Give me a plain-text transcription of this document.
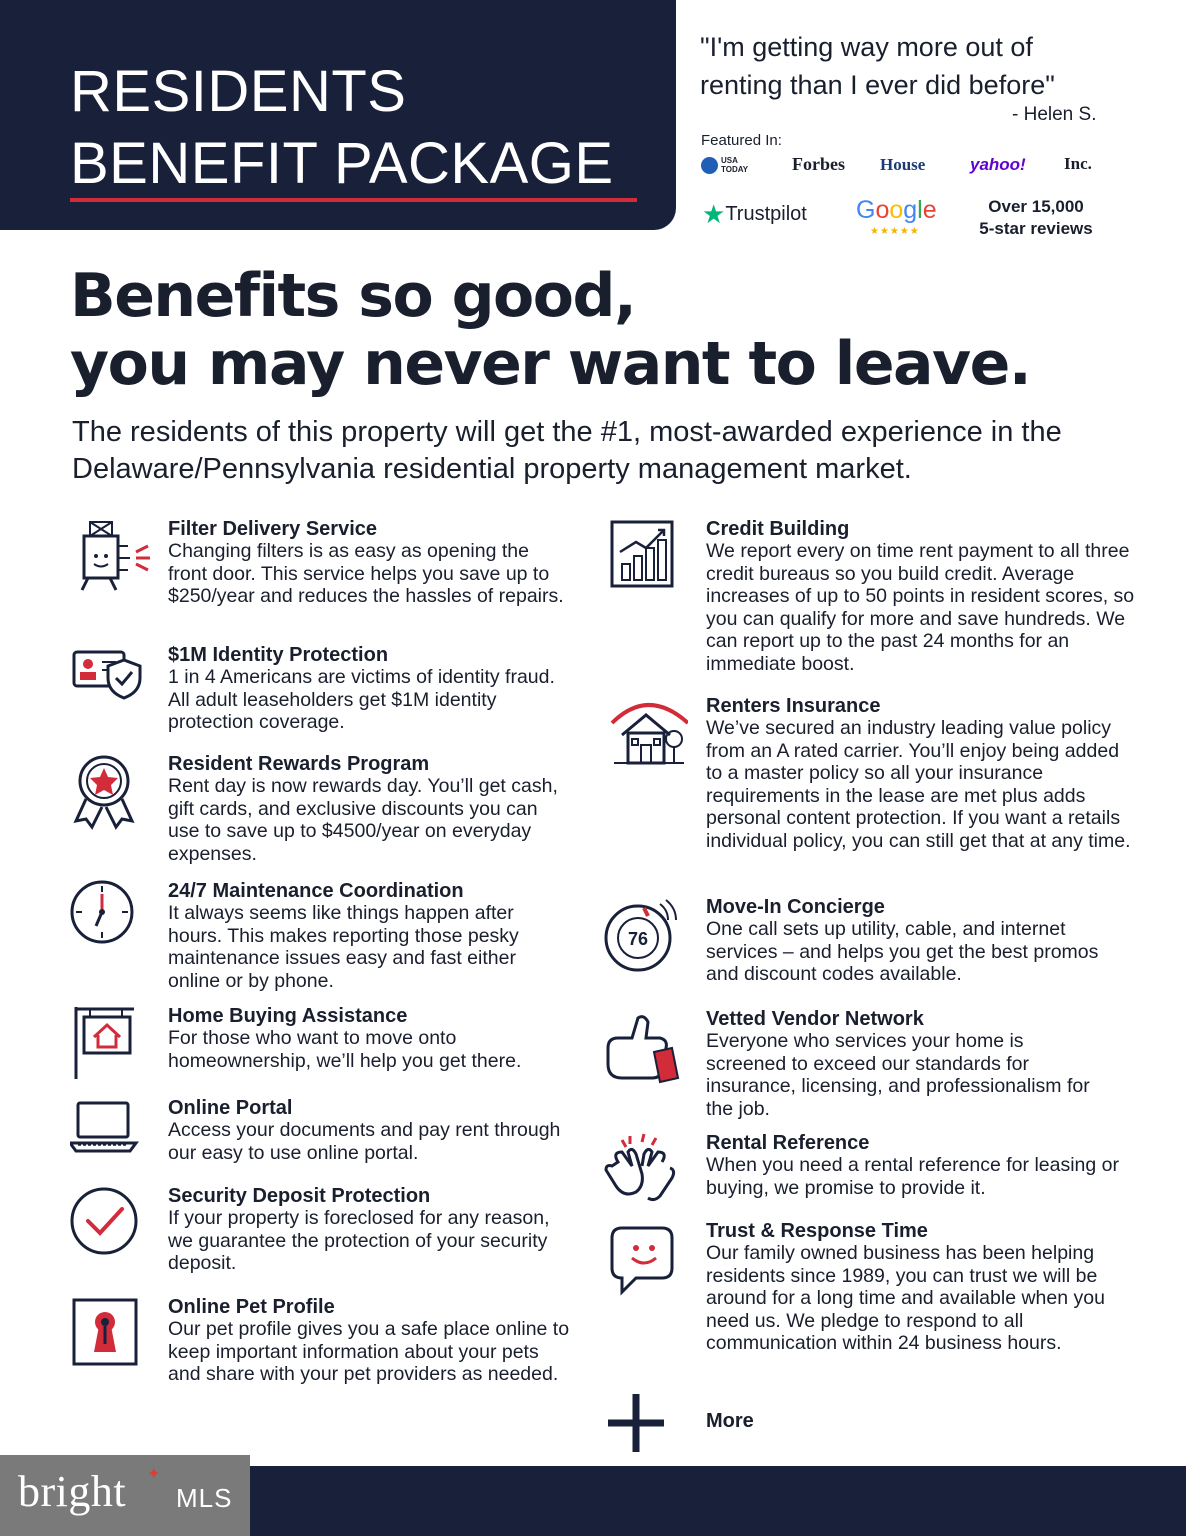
RESIDENTS
BENEFIT PACKAGE
"I'm getting way more out of renting than I ever did before"
- Helen S.
Featured In:
USA TODAY	Forbes House	yahoo! Inc.
★Trustpilot Google
★★★★★
Over 15,000
5-star reviews
Benefits so good,
you may never want to leave.
The residents of this property will get the #1, most-awarded experience in the Delaware/Pennsylvania residential property management market.
Filter Delivery Service
Changing filters is as easy as opening the front door. This service helps you save up to $250/year and reduces the hassles of repairs.
$1M Identity Protection
1 in 4 Americans are victims of identity fraud. All adult leaseholders get $1M identity protection coverage.
Resident Rewards Program
Rent day is now rewards day. You’ll get cash, gift cards, and exclusive discounts you can use to save up to $4500/year on everyday expenses.
24/7 Maintenance Coordination
It always seems like things happen after hours. This makes reporting those pesky maintenance issues easy and fast either online or by phone.
Home Buying Assistance
For those who want to move onto homeownership, we’ll help you get there.
Online Portal
Access your documents and pay rent through our easy to use online portal.
Security Deposit Protection
If your property is foreclosed for any reason, we guarantee the protection of your security deposit.
Online Pet Profile
Our pet profile gives you a safe place online to keep important information about your pets and share with your pet providers as needed.
Credit Building
We report every on time rent payment to all three credit bureaus so you build credit. Average increases of up to 50 points in resident scores, so you can qualify for more and save hundreds. We can report up to the past 24 months for an immediate boost.
Renters Insurance
We’ve secured an industry leading value policy from an A rated carrier. You’ll enjoy being added to a master policy so all your insurance requirements in the lease are met plus adds personal content protection. If you want a retails individual policy, you can still get that at any time.
76
Move-In Concierge
One call sets up utility, cable, and internet services – and helps you get the best promos and discount codes available.
Vetted Vendor Network
Everyone who services your home is screened to exceed our standards for insurance, licensing, and professionalism for the job.
Rental Reference
When you need a rental reference for leasing or buying, we promise to provide it.
Trust & Response Time
Our family owned business has been helping residents since 1989, you can trust we will be around for a long time and available when you need us. We pledge to respond to all communication within 24 business hours.
More
bright ✦
MLS
